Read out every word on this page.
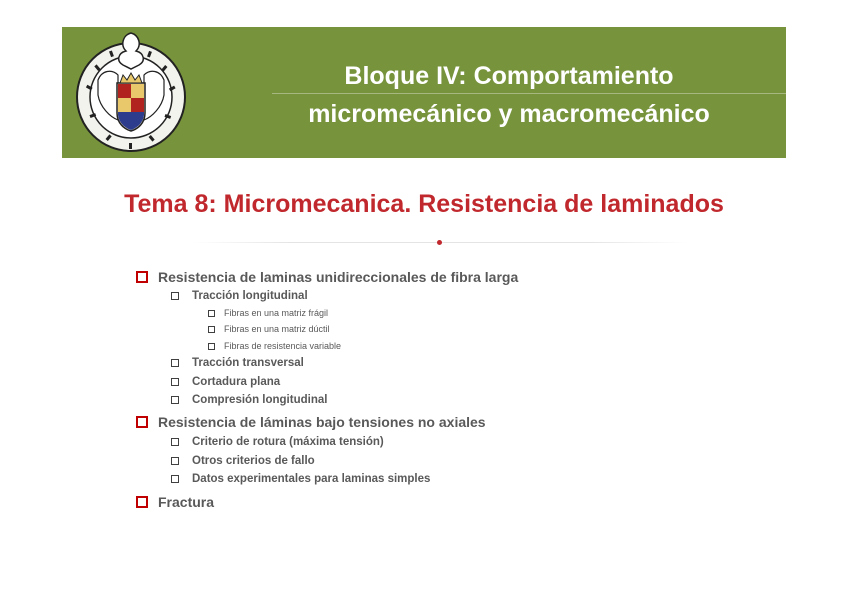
Bloque IV: Comportamiento
micromecánico y macromecánico
Tema 8: Micromecanica. Resistencia de laminados
Resistencia de laminas unidireccionales de fibra larga
Tracción longitudinal
Fibras en una matriz frágil
Fibras en una matriz dúctil
Fibras de resistencia variable
Tracción transversal
Cortadura plana
Compresión longitudinal
Resistencia de láminas bajo tensiones no axiales
Criterio de rotura (máxima tensión)
Otros criterios de fallo
Datos experimentales para laminas simples
Fractura
